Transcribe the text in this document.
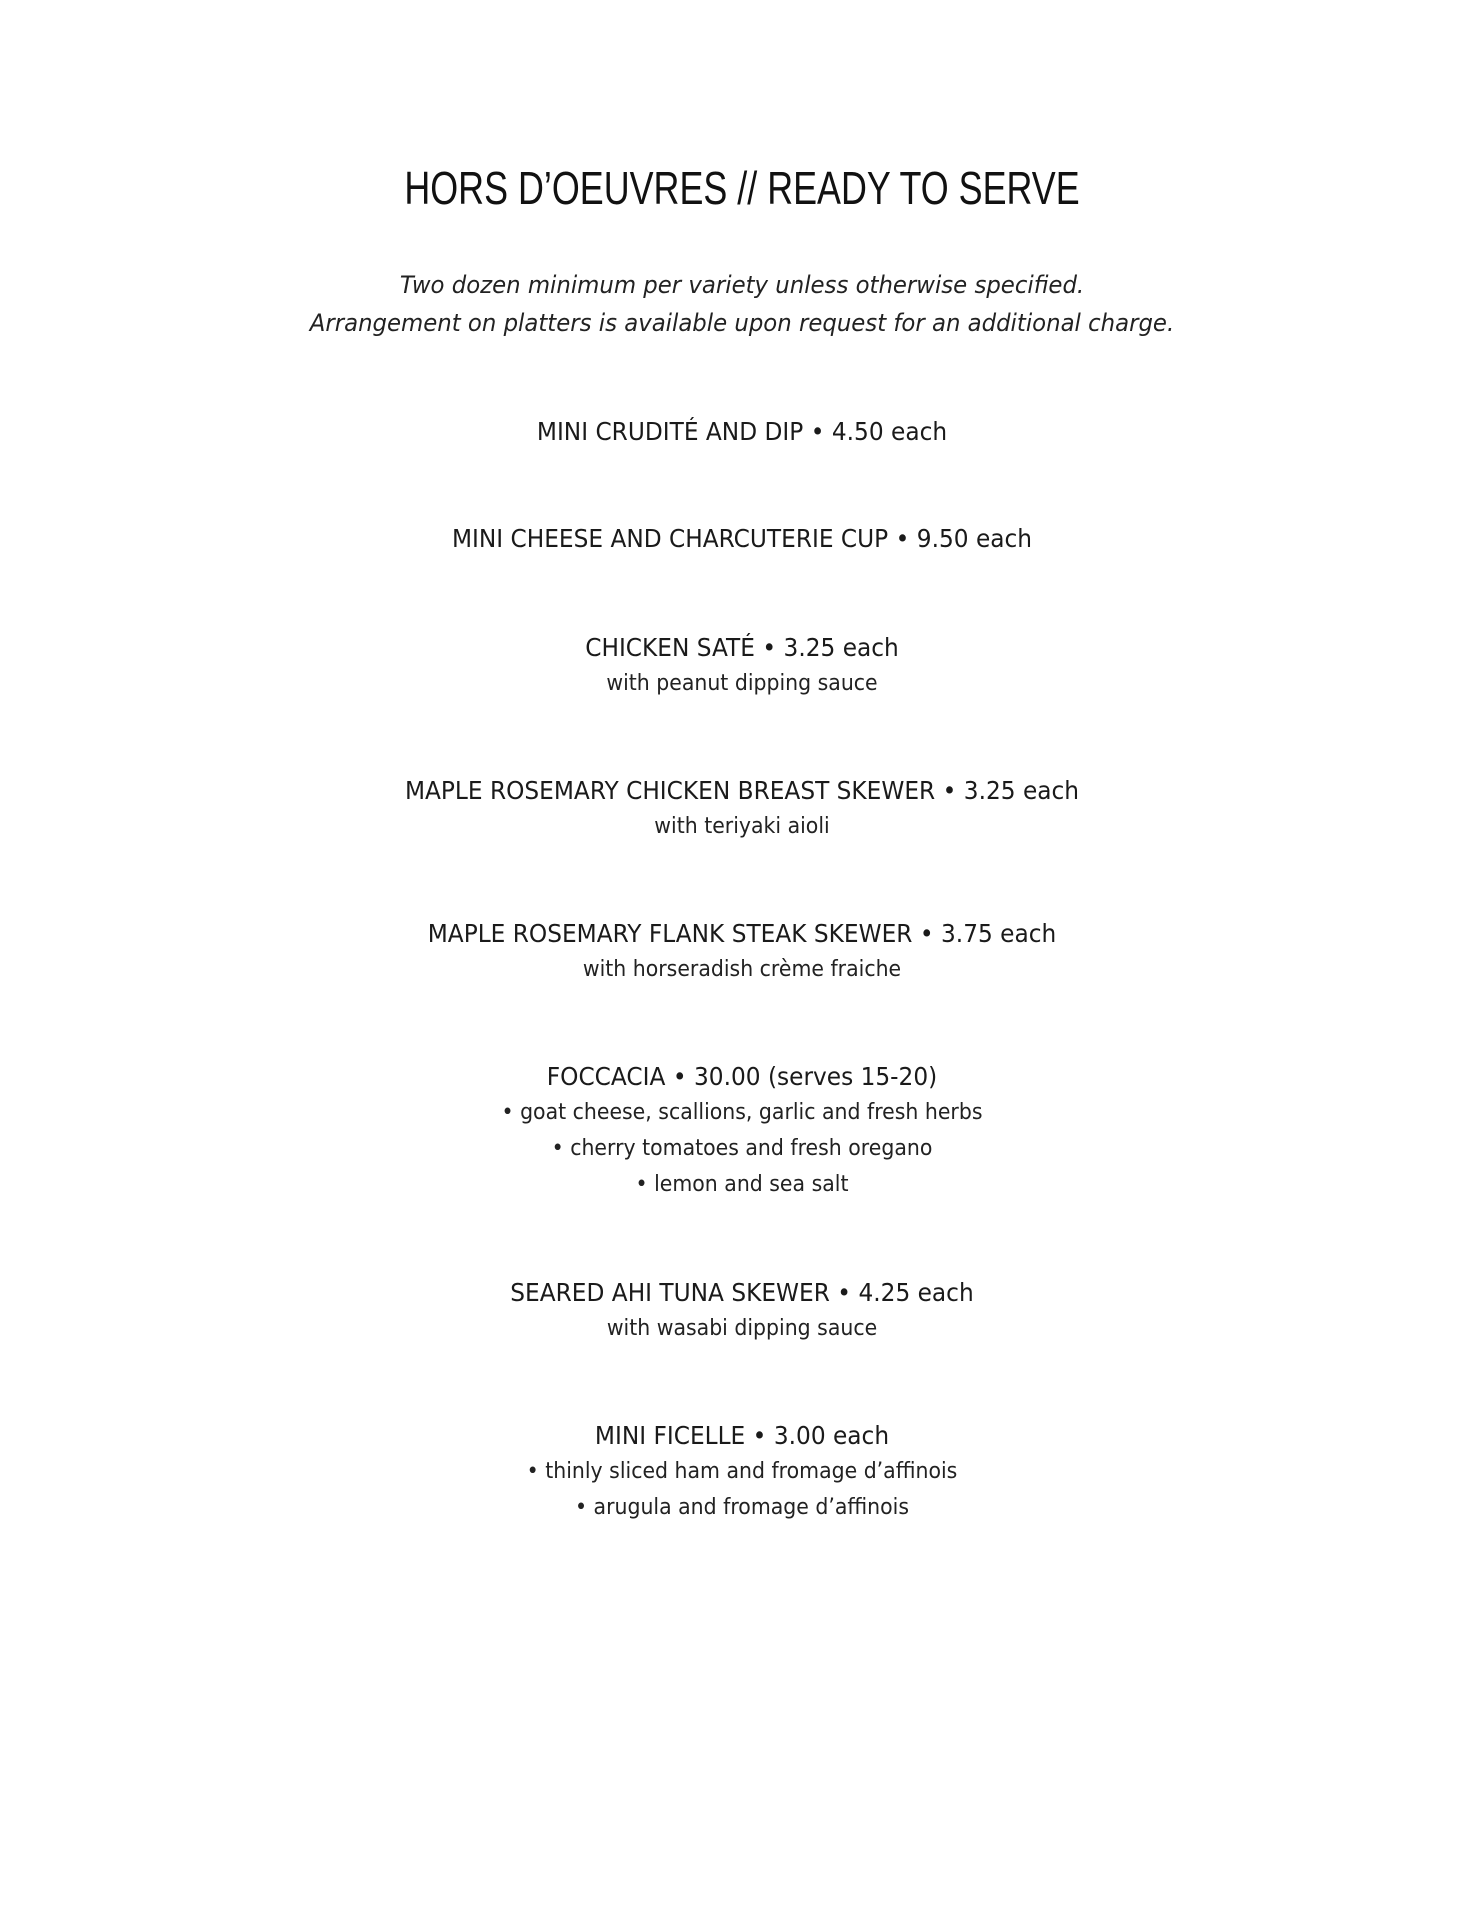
HORS D’OEUVRES // READY TO SERVE
Two dozen minimum per variety unless otherwise specified.
Arrangement on platters is available upon request for an additional charge.
MINI CRUDITÉ AND DIP • 4.50 each
MINI CHEESE AND CHARCUTERIE CUP • 9.50 each
CHICKEN SATÉ • 3.25 each
with peanut dipping sauce
MAPLE ROSEMARY CHICKEN BREAST SKEWER • 3.25 each
with teriyaki aioli
MAPLE ROSEMARY FLANK STEAK SKEWER • 3.75 each
with horseradish crème fraiche
FOCCACIA • 30.00 (serves 15-20)
• goat cheese, scallions, garlic and fresh herbs
• cherry tomatoes and fresh oregano
• lemon and sea salt
SEARED AHI TUNA SKEWER • 4.25 each
with wasabi dipping sauce
MINI FICELLE • 3.00 each
• thinly sliced ham and fromage d’affinois
• arugula and fromage d’affinois
